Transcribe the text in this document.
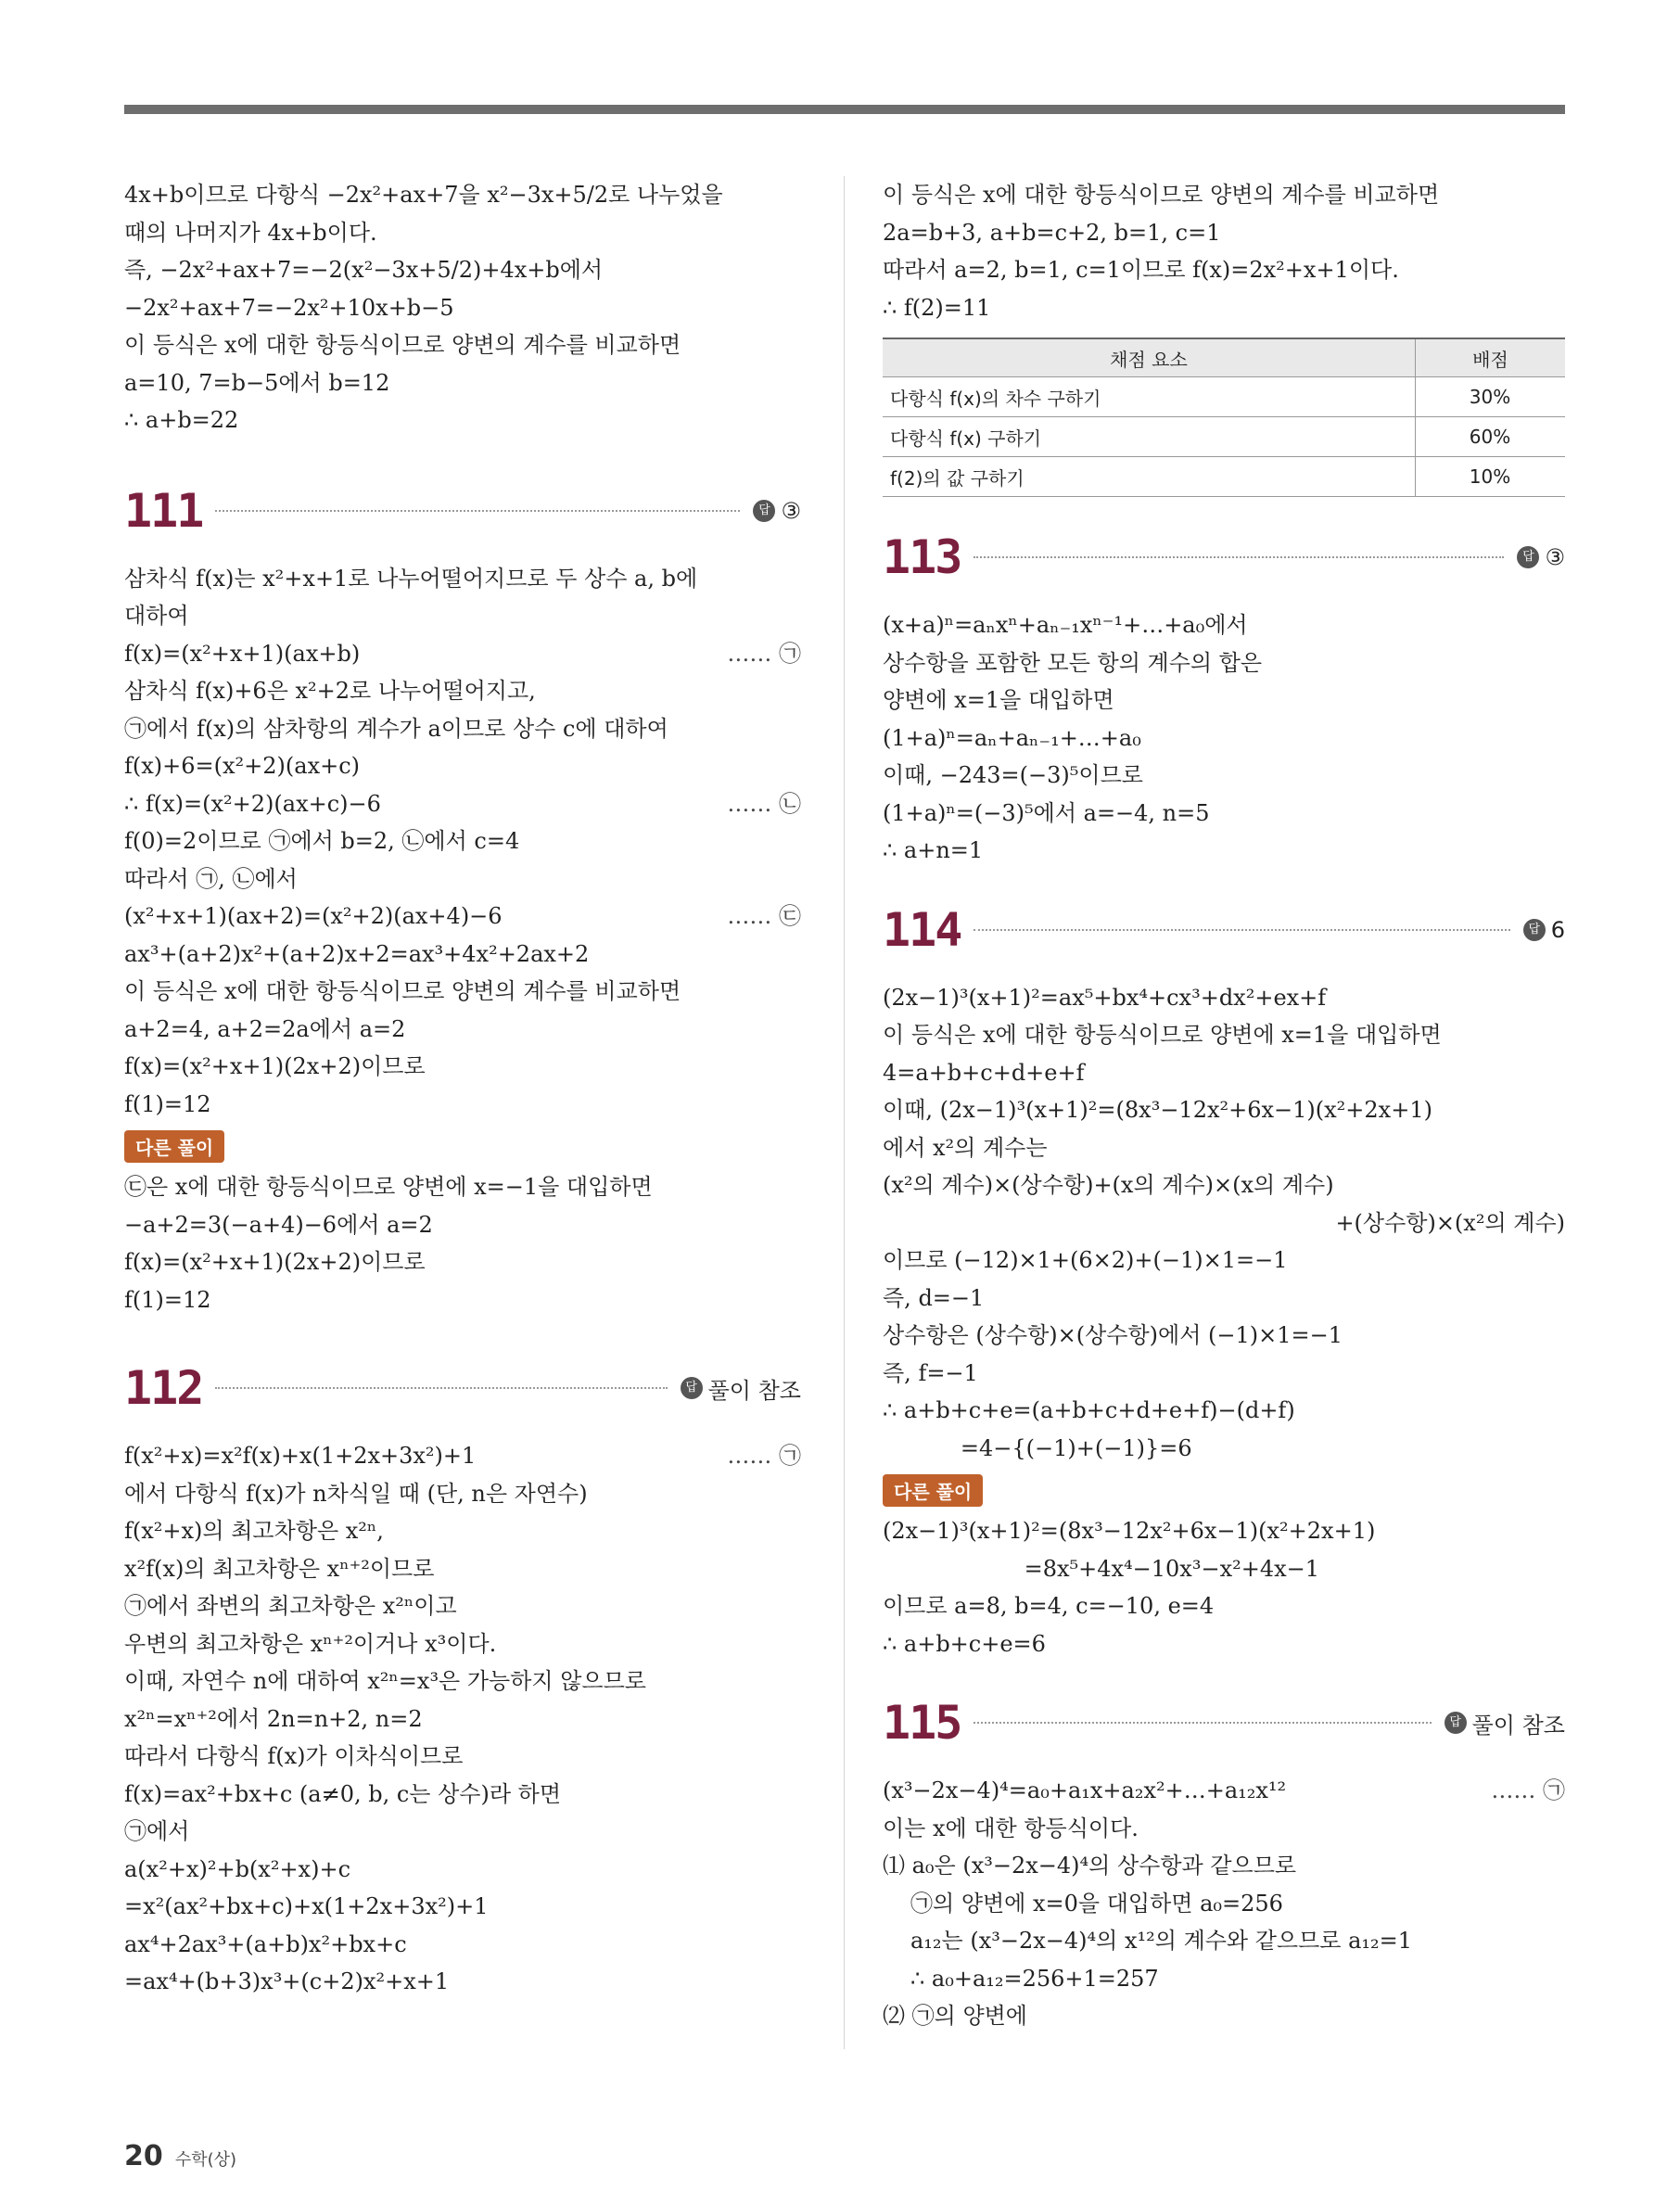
4x+b이므로 다항식 −2x²+ax+7을 x²−3x+5/2로 나누었을
때의 나머지가 4x+b이다.
즉, −2x²+ax+7=−2(x²−3x+5/2)+4x+b에서
−2x²+ax+7=−2x²+10x+b−5
이 등식은 x에 대한 항등식이므로 양변의 계수를 비교하면
a=10, 7=b−5에서 b=12
∴ a+b=22
111	답 ③
삼차식 f(x)는 x²+x+1로 나누어떨어지므로 두 상수 a, b에
대하여
f(x)=(x²+x+1)(ax+b)	…… ㉠
삼차식 f(x)+6은 x²+2로 나누어떨어지고,
㉠에서 f(x)의 삼차항의 계수가 a이므로 상수 c에 대하여
f(x)+6=(x²+2)(ax+c)
∴ f(x)=(x²+2)(ax+c)−6	…… ㉡
f(0)=2이므로 ㉠에서 b=2, ㉡에서 c=4
따라서 ㉠, ㉡에서
(x²+x+1)(ax+2)=(x²+2)(ax+4)−6	…… ㉢
ax³+(a+2)x²+(a+2)x+2=ax³+4x²+2ax+2
이 등식은 x에 대한 항등식이므로 양변의 계수를 비교하면
a+2=4, a+2=2a에서 a=2
f(x)=(x²+x+1)(2x+2)이므로
f(1)=12
다른 풀이
㉢은 x에 대한 항등식이므로 양변에 x=−1을 대입하면
−a+2=3(−a+4)−6에서 a=2
f(x)=(x²+x+1)(2x+2)이므로
f(1)=12
112	답 풀이 참조
f(x²+x)=x²f(x)+x(1+2x+3x²)+1	…… ㉠
에서 다항식 f(x)가 n차식일 때 (단, n은 자연수)
f(x²+x)의 최고차항은 x²ⁿ,
x²f(x)의 최고차항은 xⁿ⁺²이므로
㉠에서 좌변의 최고차항은 x²ⁿ이고
우변의 최고차항은 xⁿ⁺²이거나 x³이다.
이때, 자연수 n에 대하여 x²ⁿ=x³은 가능하지 않으므로
x²ⁿ=xⁿ⁺²에서 2n=n+2, n=2
따라서 다항식 f(x)가 이차식이므로
f(x)=ax²+bx+c (a≠0, b, c는 상수)라 하면
㉠에서
a(x²+x)²+b(x²+x)+c
=x²(ax²+bx+c)+x(1+2x+3x²)+1
ax⁴+2ax³+(a+b)x²+bx+c
=ax⁴+(b+3)x³+(c+2)x²+x+1
이 등식은 x에 대한 항등식이므로 양변의 계수를 비교하면
2a=b+3, a+b=c+2, b=1, c=1
따라서 a=2, b=1, c=1이므로 f(x)=2x²+x+1이다.
∴ f(2)=11
채점 요소	배점
다항식 f(x)의 차수 구하기	30%
다항식 f(x) 구하기	60%
f(2)의 값 구하기	10%
113	답 ③
(x+a)ⁿ=aₙxⁿ+aₙ₋₁xⁿ⁻¹+…+a₀에서
상수항을 포함한 모든 항의 계수의 합은
양변에 x=1을 대입하면
(1+a)ⁿ=aₙ+aₙ₋₁+…+a₀
이때, −243=(−3)⁵이므로
(1+a)ⁿ=(−3)⁵에서 a=−4, n=5
∴ a+n=1
114	답 6
(2x−1)³(x+1)²=ax⁵+bx⁴+cx³+dx²+ex+f
이 등식은 x에 대한 항등식이므로 양변에 x=1을 대입하면
4=a+b+c+d+e+f
이때, (2x−1)³(x+1)²=(8x³−12x²+6x−1)(x²+2x+1)
에서 x²의 계수는
(x²의 계수)×(상수항)+(x의 계수)×(x의 계수)
+(상수항)×(x²의 계수)
이므로 (−12)×1+(6×2)+(−1)×1=−1
즉, d=−1
상수항은 (상수항)×(상수항)에서 (−1)×1=−1
즉, f=−1
∴ a+b+c+e=(a+b+c+d+e+f)−(d+f)
=4−{(−1)+(−1)}=6
다른 풀이
(2x−1)³(x+1)²=(8x³−12x²+6x−1)(x²+2x+1)
=8x⁵+4x⁴−10x³−x²+4x−1
이므로 a=8, b=4, c=−10, e=4
∴ a+b+c+e=6
115	답 풀이 참조
(x³−2x−4)⁴=a₀+a₁x+a₂x²+…+a₁₂x¹²	…… ㉠
이는 x에 대한 항등식이다.
⑴ a₀은 (x³−2x−4)⁴의 상수항과 같으므로
㉠의 양변에 x=0을 대입하면 a₀=256
a₁₂는 (x³−2x−4)⁴의 x¹²의 계수와 같으므로 a₁₂=1
∴ a₀+a₁₂=256+1=257
⑵ ㉠의 양변에
20 수학(상)
